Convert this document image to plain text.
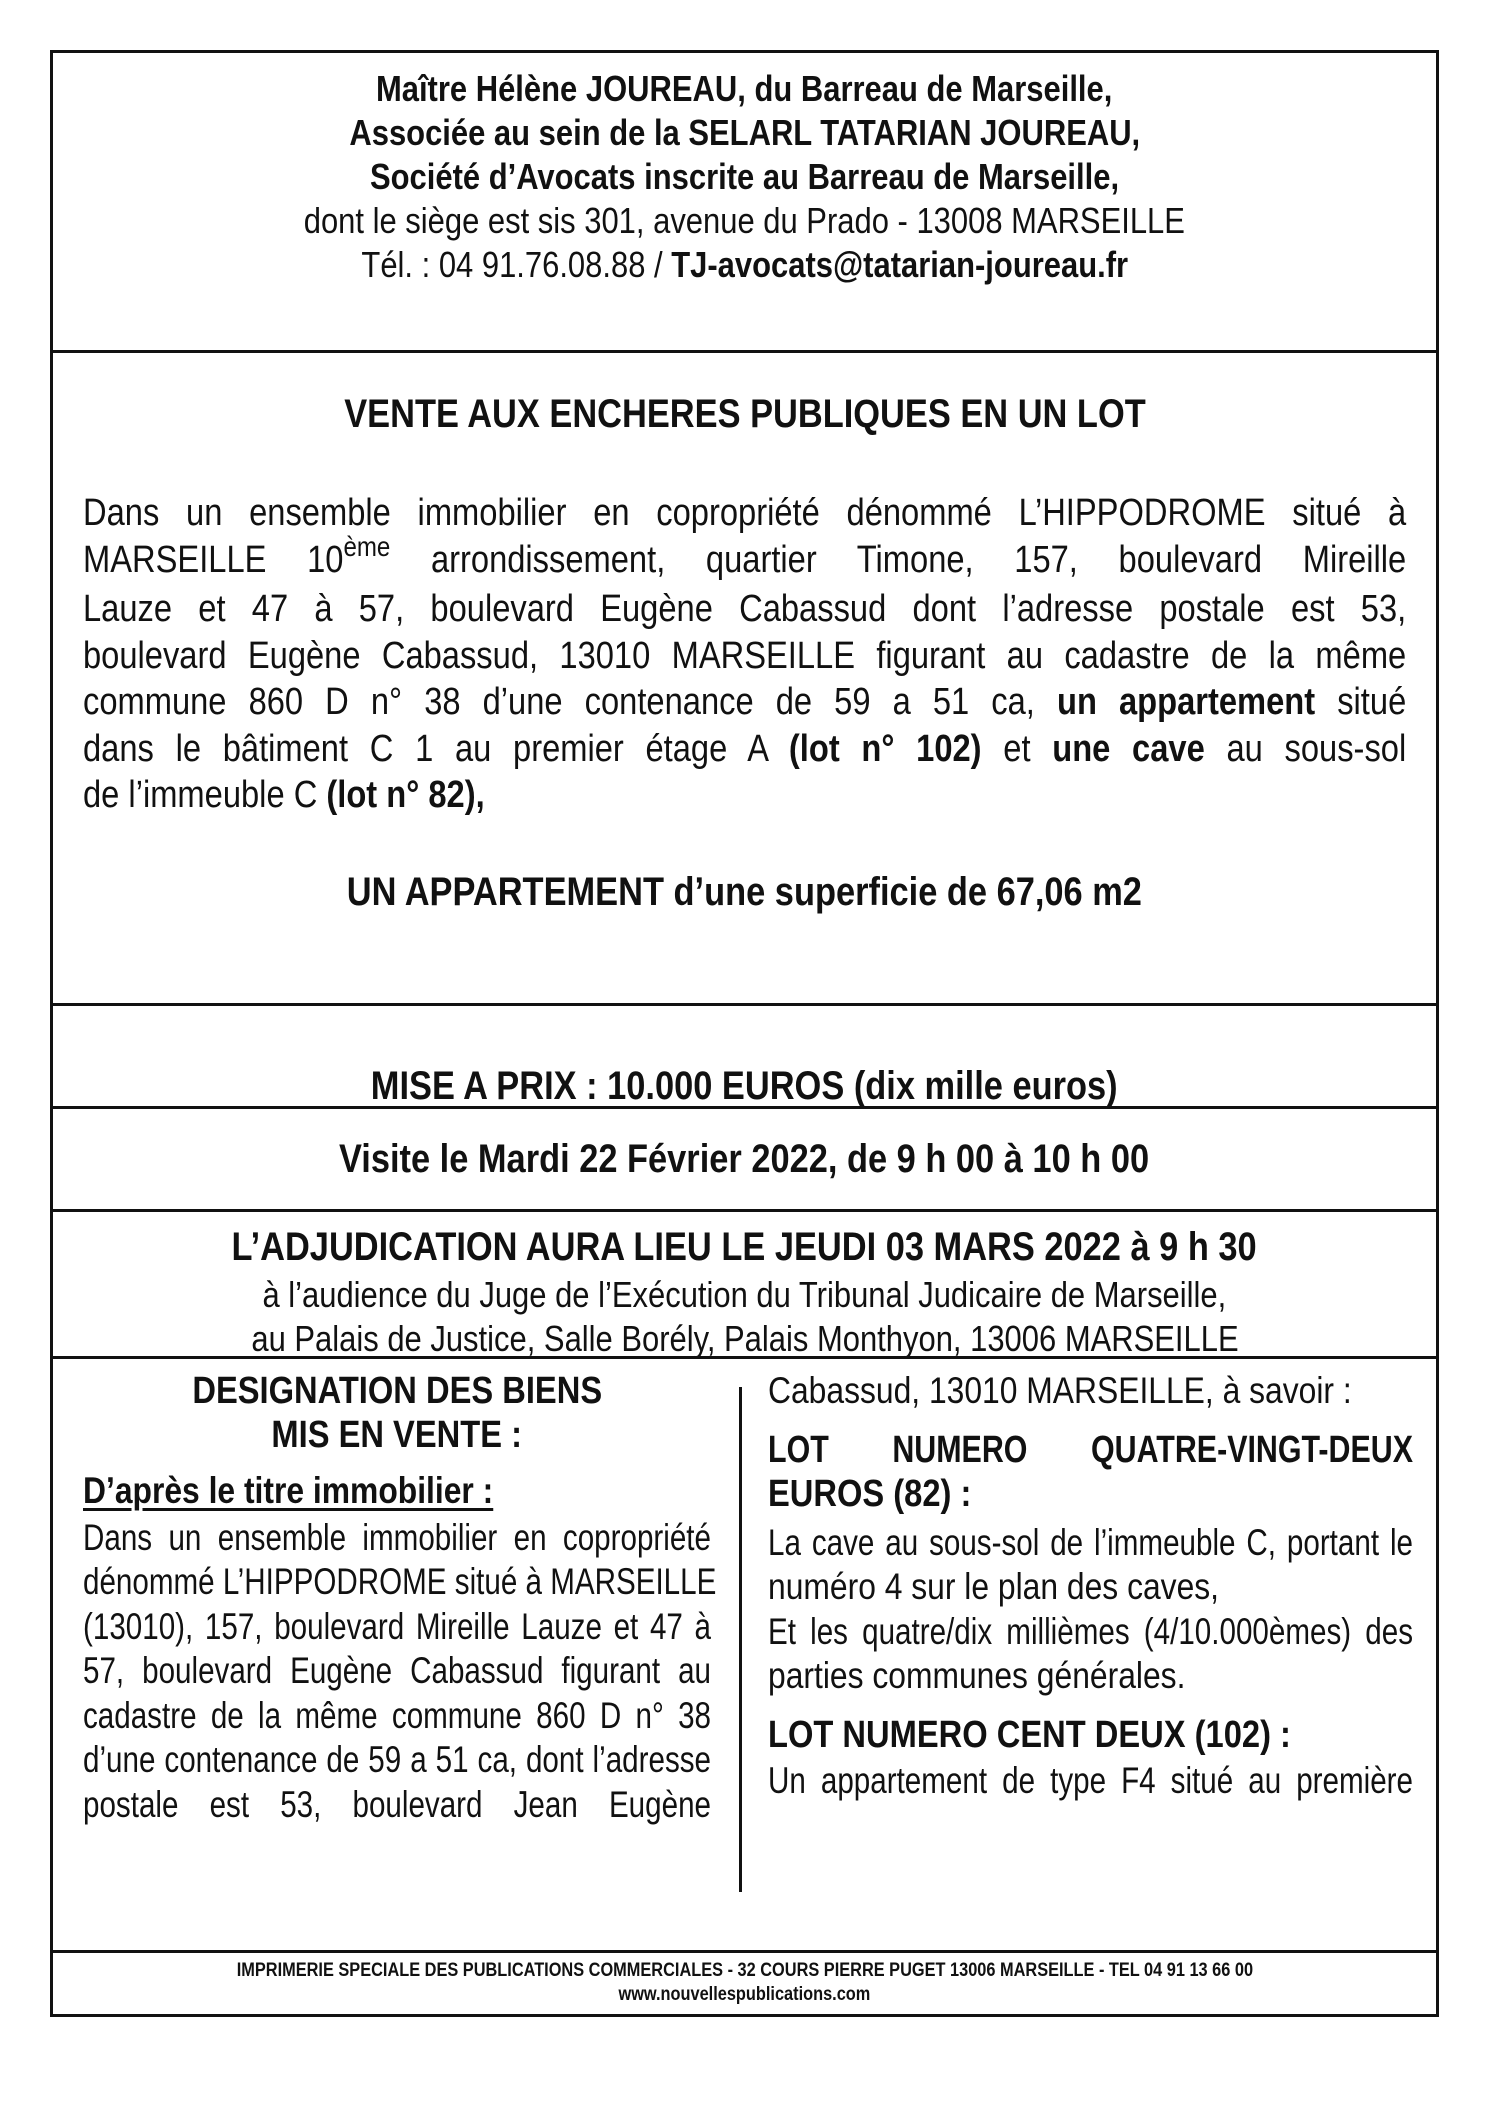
Maître Hélène JOUREAU, du Barreau de Marseille,
Associée au sein de la SELARL TATARIAN JOUREAU,
Société d’Avocats inscrite au Barreau de Marseille,
dont le siège est sis 301, avenue du Prado - 13008 MARSEILLE
Tél. : 04 91.76.08.88 / TJ-avocats@tatarian-joureau.fr
VENTE AUX ENCHERES PUBLIQUES EN UN LOT
Dans un ensemble immobilier en copropriété dénommé L’HIPPODROME situé à
MARSEILLE 10ème arrondissement, quartier Timone, 157, boulevard Mireille
Lauze et 47 à 57, boulevard Eugène Cabassud dont l’adresse postale est 53,
boulevard Eugène Cabassud, 13010 MARSEILLE figurant au cadastre de la même
commune 860 D n° 38 d’une contenance de 59 a 51 ca, un appartement situé
dans le bâtiment C 1 au premier étage A (lot n° 102) et une cave au sous-sol
de l’immeuble C (lot n° 82),
UN APPARTEMENT d’une superficie de 67,06 m2
MISE A PRIX : 10.000 EUROS (dix mille euros)
Visite le Mardi 22 Février 2022, de 9 h 00 à 10 h 00
L’ADJUDICATION AURA LIEU LE JEUDI 03 MARS 2022 à 9 h 30
à l’audience du Juge de l’Exécution du Tribunal Judicaire de Marseille,
au Palais de Justice, Salle Borély, Palais Monthyon, 13006 MARSEILLE
DESIGNATION DES BIENS
MIS EN VENTE :
D’après le titre immobilier :
Dans un ensemble immobilier en copropriété
dénommé L’HIPPODROME situé à MARSEILLE
(13010), 157, boulevard Mireille Lauze et 47 à
57, boulevard Eugène Cabassud figurant au
cadastre de la même commune 860 D n° 38
d’une contenance de 59 a 51 ca, dont l’adresse
postale est 53, boulevard Jean Eugène
Cabassud, 13010 MARSEILLE, à savoir :
LOT NUMERO QUATRE-VINGT-DEUX
EUROS (82) :
La cave au sous-sol de l’immeuble C, portant le
numéro 4 sur le plan des caves,
Et les quatre/dix millièmes (4/10.000èmes) des
parties communes générales.
LOT NUMERO CENT DEUX (102) :
Un appartement de type F4 situé au première
IMPRIMERIE SPECIALE DES PUBLICATIONS COMMERCIALES - 32 COURS PIERRE PUGET 13006 MARSEILLE - TEL 04 91 13 66 00
www.nouvellespublications.com
